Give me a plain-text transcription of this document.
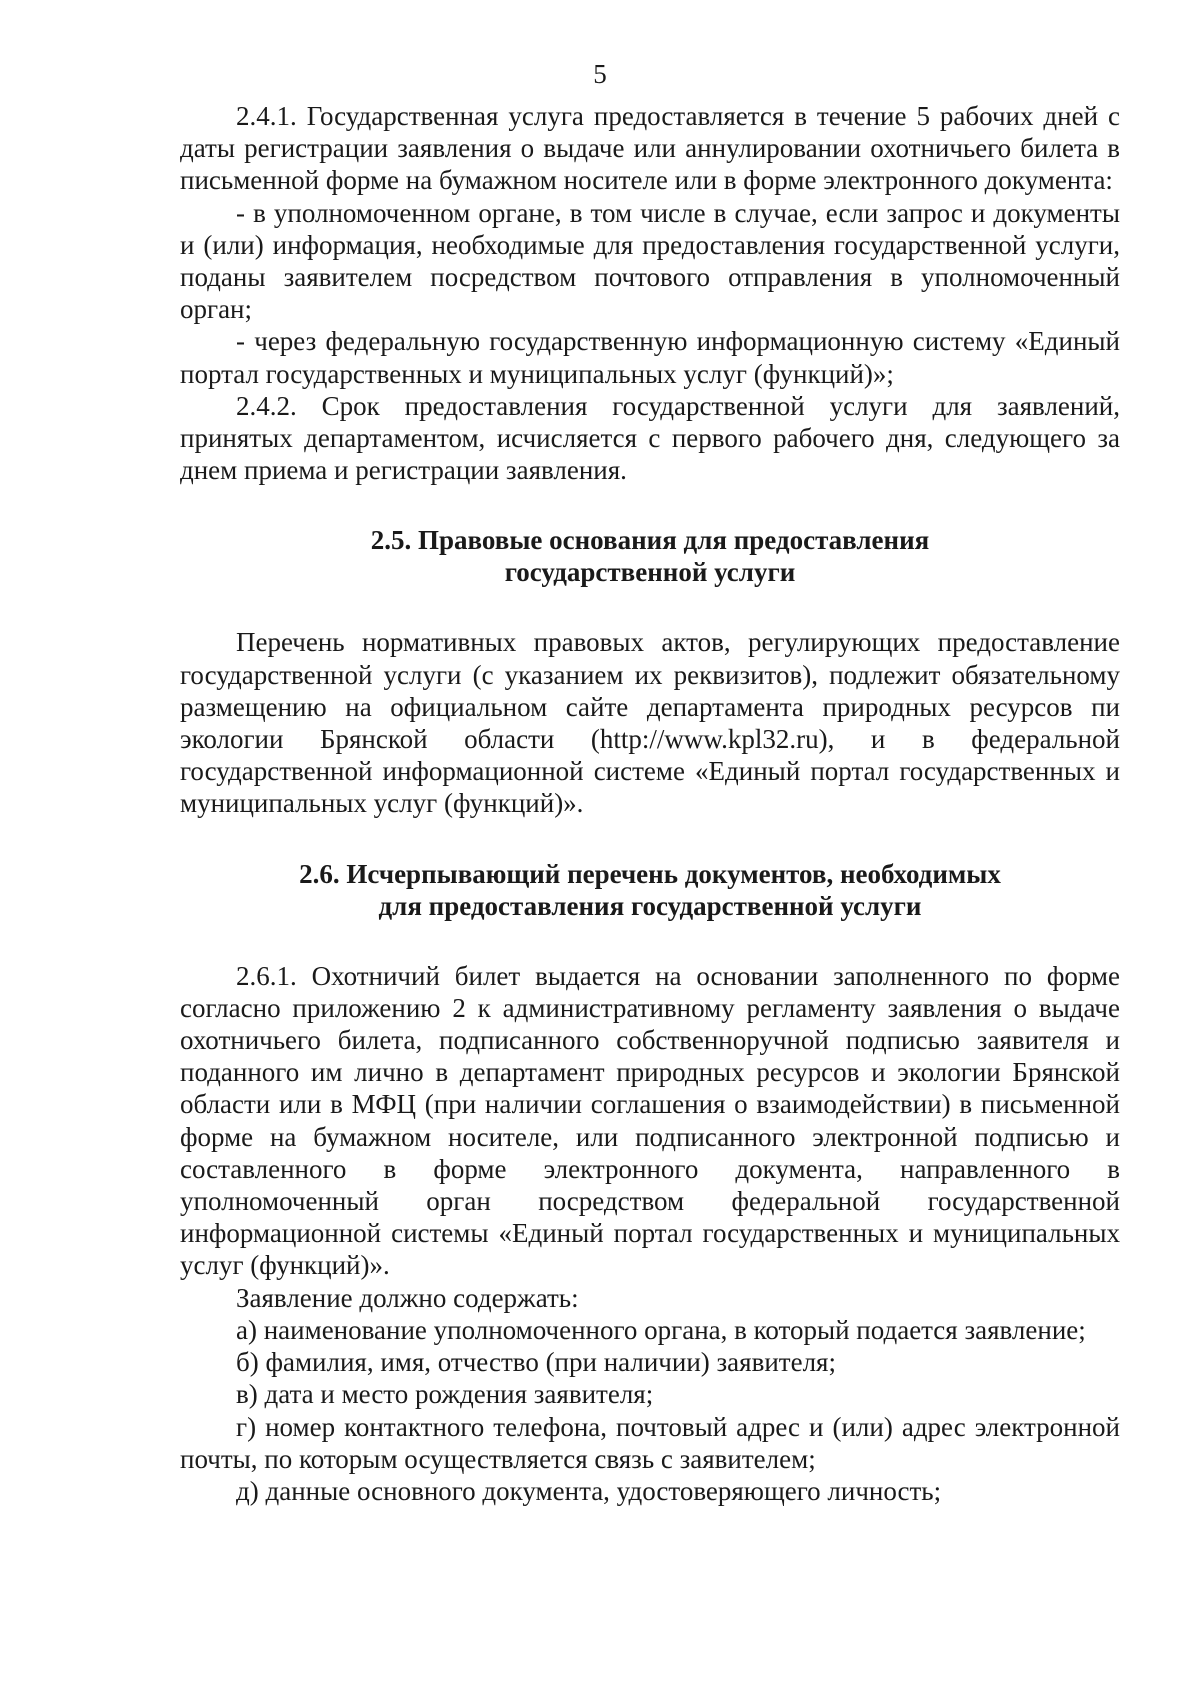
5

2.4.1. Государственная услуга предоставляется в течение 5 рабочих дней с даты регистрации заявления о выдаче или аннулировании охотничьего билета в письменной форме на бумажном носителе или в форме электронного документа:

- в уполномоченном органе, в том числе в случае, если запрос и документы и (или) информация, необходимые для предоставления государственной услуги, поданы заявителем посредством почтового отправления в уполномоченный орган;

- через федеральную государственную информационную систему «Единый портал государственных и муниципальных услуг (функций)»;

2.4.2. Срок предоставления государственной услуги для заявлений, принятых департаментом, исчисляется с первого рабочего дня, следующего за днем приема и регистрации заявления.

2.5. Правовые основания для предоставления
государственной услуги

Перечень нормативных правовых актов, регулирующих предоставление государственной услуги (с указанием их реквизитов), подлежит обязательному размещению на официальном сайте департамента природных ресурсов пи экологии Брянской области (http://www.kpl32.ru), и в федеральной государственной информационной системе «Единый портал государственных и муниципальных услуг (функций)».

2.6. Исчерпывающий перечень документов, необходимых
для предоставления государственной услуги

2.6.1. Охотничий билет выдается на основании заполненного по форме согласно приложению 2 к административному регламенту заявления о выдаче охотничьего билета, подписанного собственноручной подписью заявителя и поданного им лично в департамент природных ресурсов и экологии Брянской области или в МФЦ (при наличии соглашения о взаимодействии) в письменной форме на бумажном носителе, или подписанного электронной подписью и составленного в форме электронного документа, направленного в уполномоченный орган посредством федеральной государственной информационной системы «Единый портал государственных и муниципальных услуг (функций)».

Заявление должно содержать:

а) наименование уполномоченного органа, в который подается заявление;

б) фамилия, имя, отчество (при наличии) заявителя;

в) дата и место рождения заявителя;

г) номер контактного телефона, почтовый адрес и (или) адрес электронной почты, по которым осуществляется связь с заявителем;

д) данные основного документа, удостоверяющего личность;
